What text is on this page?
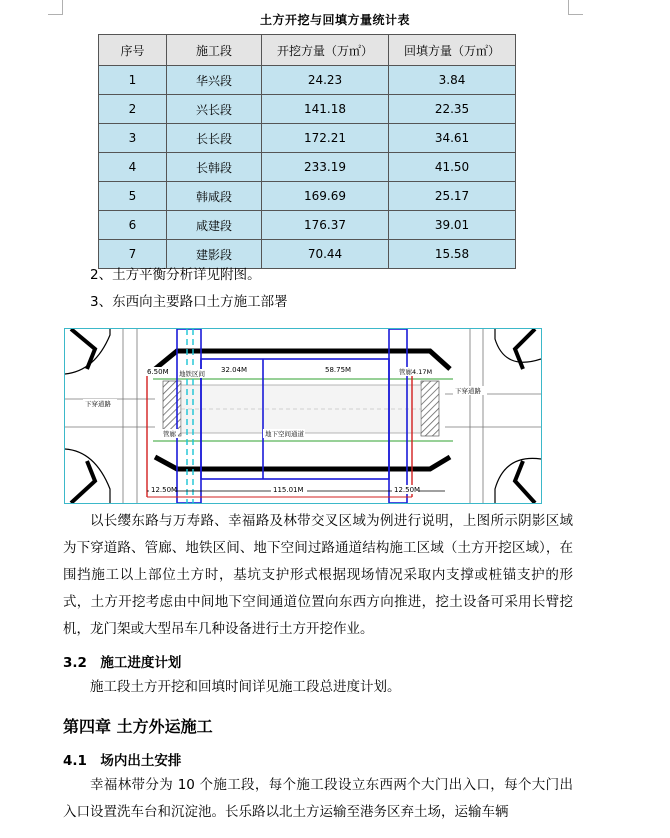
土方开挖与回填方量统计表
序号	施工段	开挖方量（万㎡）	回填方量（万㎡）
1	华兴段	24.23	3.84
2	兴长段	141.18	22.35
3	长长段	172.21	34.61
4	长韩段	233.19	41.50
5	韩咸段	169.69	25.17
6	咸建段	176.37	39.01
7	建影段	70.44	15.58
2、土方平衡分析详见附图。
3、东西向主要路口土方施工部署
6.50M 地铁区间 32.04M	58.75M	管廊 4.17M
下穿道路
下穿道路
管廊	地下空间通道
12.50M	115.01M	12.50M
以长缨东路与万寿路、幸福路及林带交叉区域为例进行说明，上图所示阴影区域为下穿道路、管廊、地铁区间、地下空间过路通道结构施工区域（土方开挖区域），在围挡施工以上部位土方时，基坑支护形式根据现场情况采取内支撑或桩锚支护的形式，土方开挖考虑由中间地下空间通道位置向东西方向推进，挖土设备可采用长臂挖机，龙门架或大型吊车几种设备进行土方开挖作业。
3.2　施工进度计划
施工段土方开挖和回填时间详见施工段总进度计划。
第四章 土方外运施工
4.1　场内出土安排
幸福林带分为 10 个施工段，每个施工段设立东西两个大门出入口，每个大门出入口设置洗车台和沉淀池。长乐路以北土方运输至港务区弃土场，运输车辆
